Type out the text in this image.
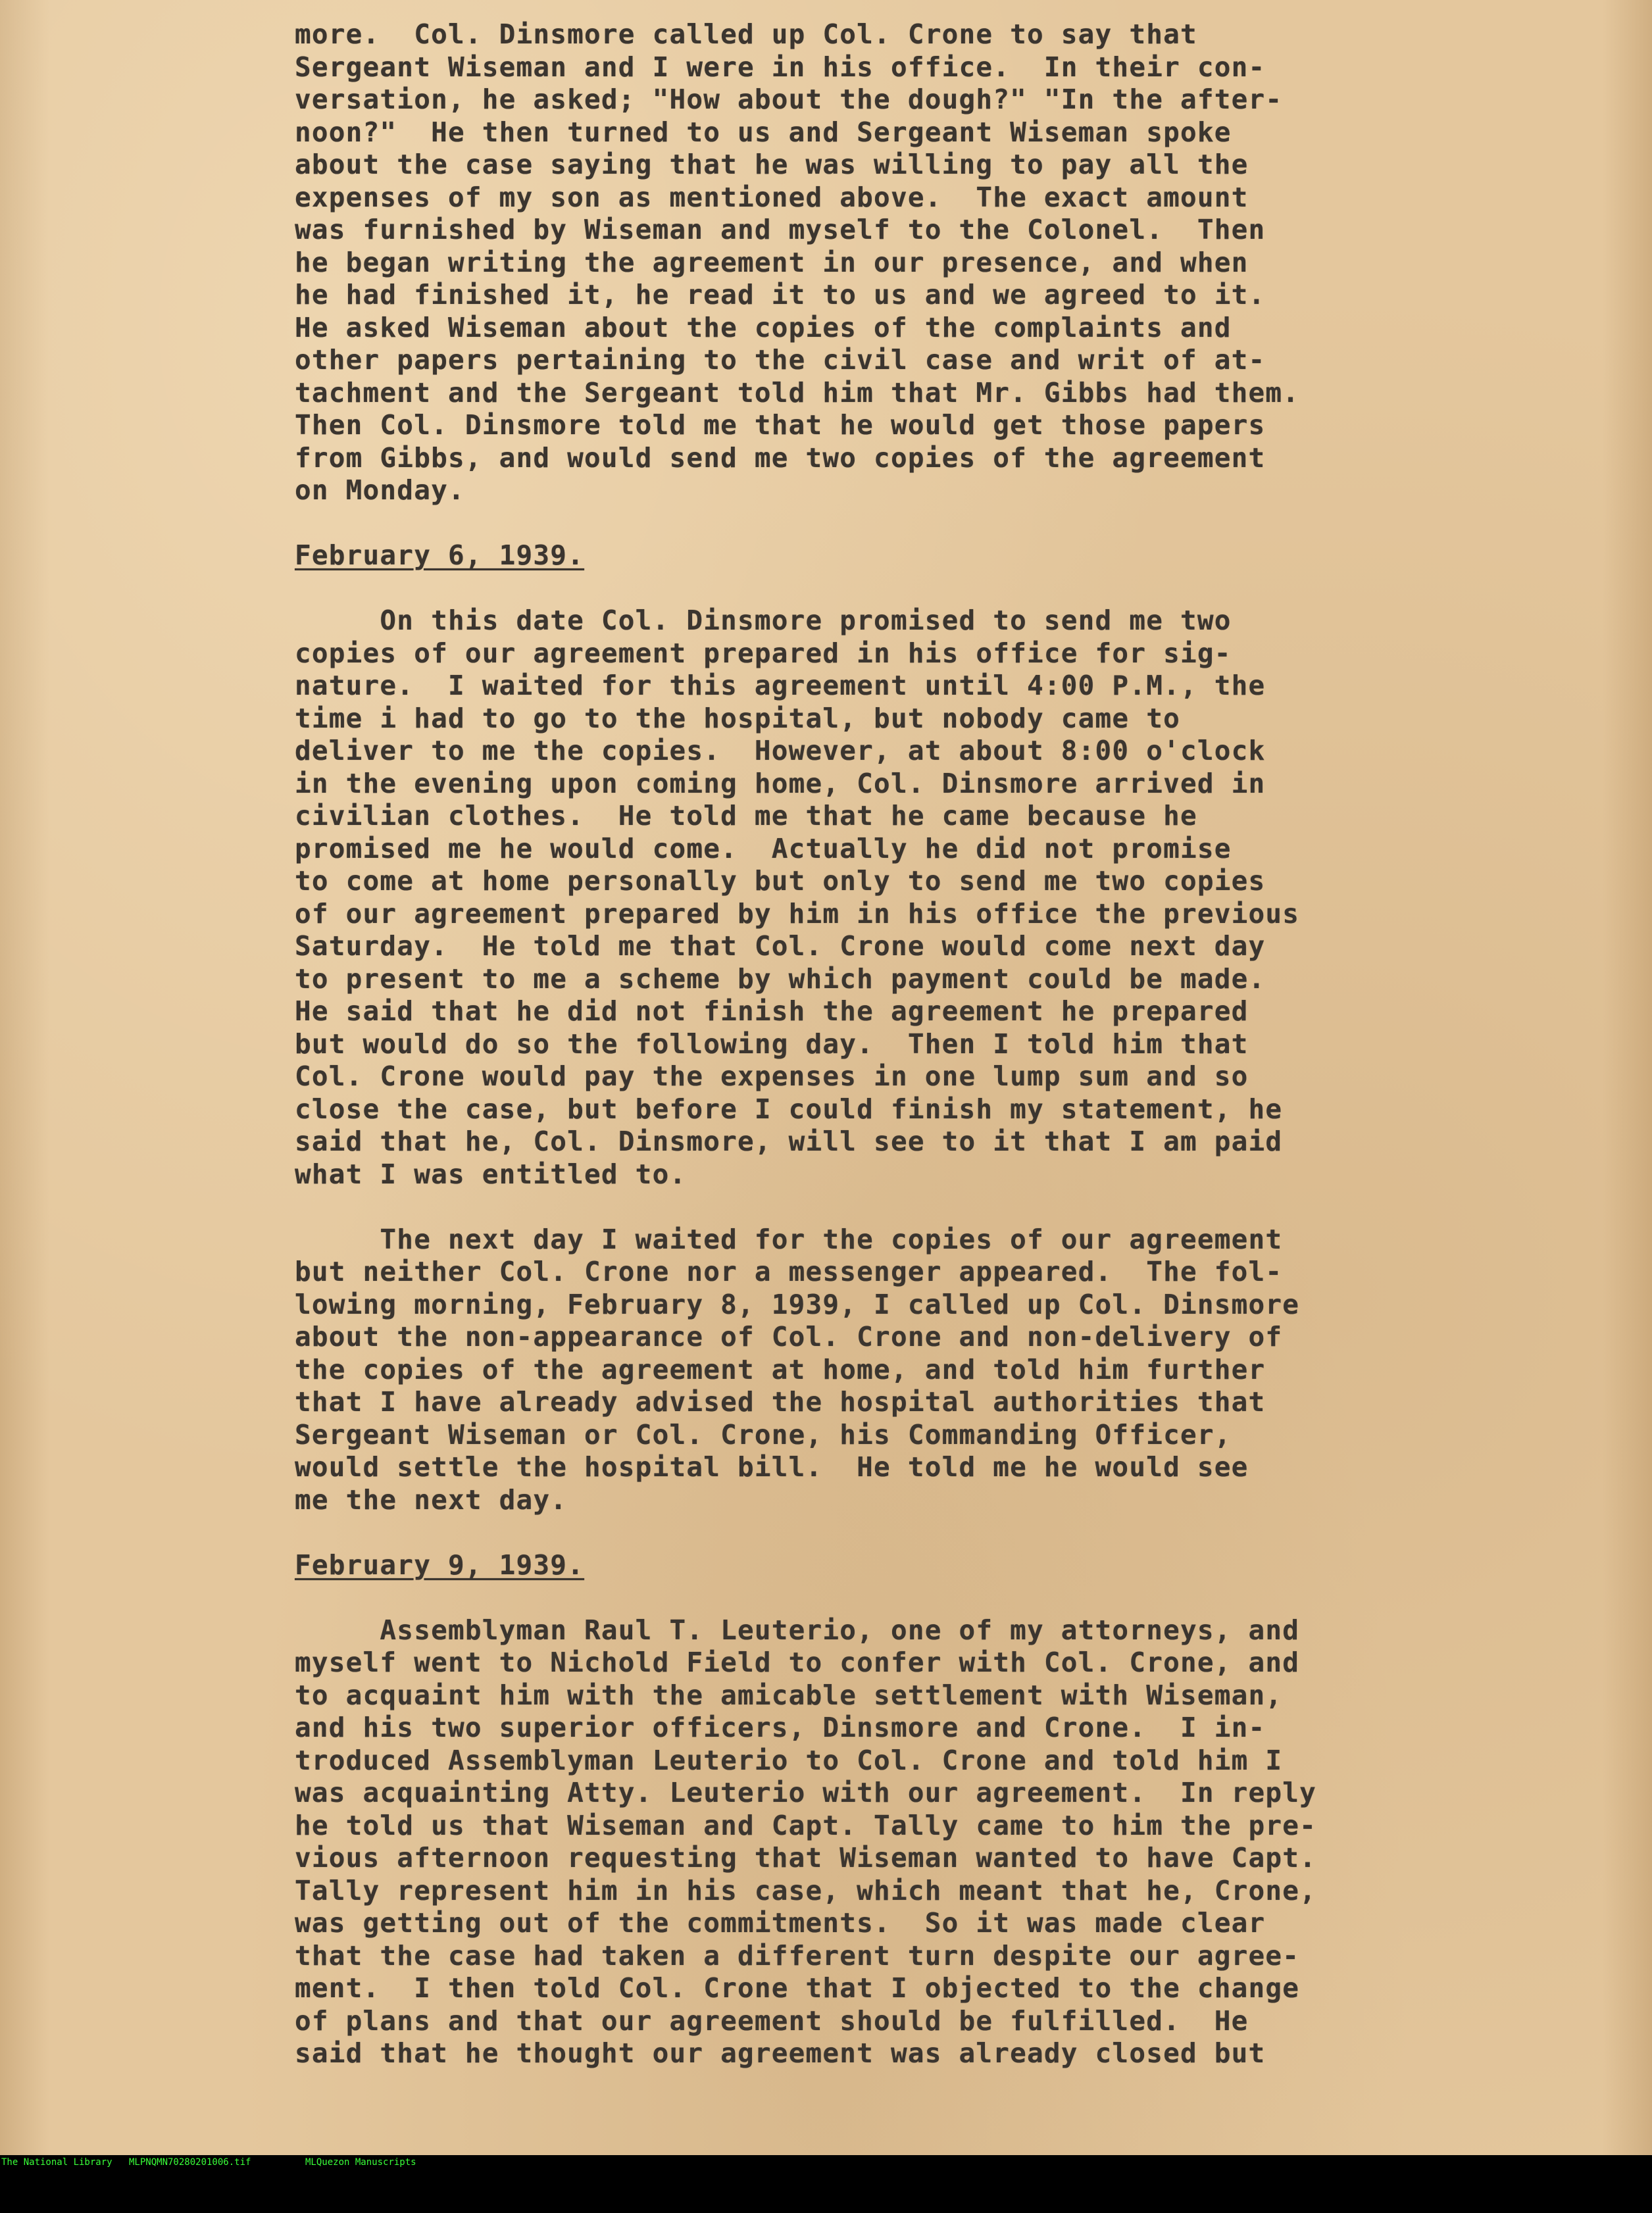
more.  Col. Dinsmore called up Col. Crone to say that
Sergeant Wiseman and I were in his office.  In their con-
versation, he asked; "How about the dough?" "In the after-
noon?"  He then turned to us and Sergeant Wiseman spoke
about the case saying that he was willing to pay all the
expenses of my son as mentioned above.  The exact amount
was furnished by Wiseman and myself to the Colonel.  Then
he began writing the agreement in our presence, and when
he had finished it, he read it to us and we agreed to it.
He asked Wiseman about the copies of the complaints and
other papers pertaining to the civil case and writ of at-
tachment and the Sergeant told him that Mr. Gibbs had them.
Then Col. Dinsmore told me that he would get those papers
from Gibbs, and would send me two copies of the agreement
on Monday.
February 6, 1939.
On this date Col. Dinsmore promised to send me two
copies of our agreement prepared in his office for sig-
nature.  I waited for this agreement until 4:00 P.M., the
time i had to go to the hospital, but nobody came to
deliver to me the copies.  However, at about 8:00 o'clock
in the evening upon coming home, Col. Dinsmore arrived in
civilian clothes.  He told me that he came because he
promised me he would come.  Actually he did not promise
to come at home personally but only to send me two copies
of our agreement prepared by him in his office the previous
Saturday.  He told me that Col. Crone would come next day
to present to me a scheme by which payment could be made.
He said that he did not finish the agreement he prepared
but would do so the following day.  Then I told him that
Col. Crone would pay the expenses in one lump sum and so
close the case, but before I could finish my statement, he
said that he, Col. Dinsmore, will see to it that I am paid
what I was entitled to.
The next day I waited for the copies of our agreement
but neither Col. Crone nor a messenger appeared.  The fol-
lowing morning, February 8, 1939, I called up Col. Dinsmore
about the non-appearance of Col. Crone and non-delivery of
the copies of the agreement at home, and told him further
that I have already advised the hospital authorities that
Sergeant Wiseman or Col. Crone, his Commanding Officer,
would settle the hospital bill.  He told me he would see
me the next day.
February 9, 1939.
Assemblyman Raul T. Leuterio, one of my attorneys, and
myself went to Nichold Field to confer with Col. Crone, and
to acquaint him with the amicable settlement with Wiseman,
and his two superior officers, Dinsmore and Crone.  I in-
troduced Assemblyman Leuterio to Col. Crone and told him I
was acquainting Atty. Leuterio with our agreement.  In reply
he told us that Wiseman and Capt. Tally came to him the pre-
vious afternoon requesting that Wiseman wanted to have Capt.
Tally represent him in his case, which meant that he, Crone,
was getting out of the commitments.  So it was made clear
that the case had taken a different turn despite our agree-
ment.  I then told Col. Crone that I objected to the change
of plans and that our agreement should be fulfilled.  He
said that he thought our agreement was already closed but

The National Library

MLPNQMN70280201006.tif

	MLQuezon Manuscripts
